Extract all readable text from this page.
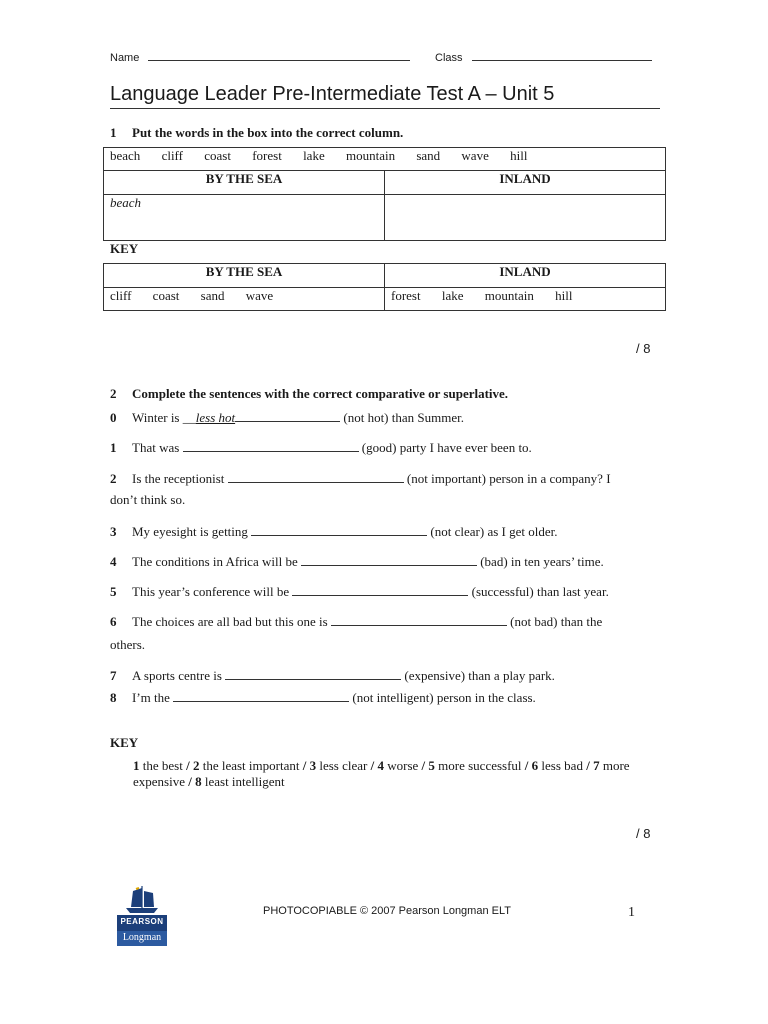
Name	Class
Language Leader Pre-Intermediate Test A – Unit 5
1 Put the words in the box into the correct column.
beach cliff coast forest lake mountain sand wave hill	
BY THE SEA	INLAND
beach	
KEY
BY THE SEA	INLAND
cliff coast sand wave	forest lake mountain hill
/ 8
2 Complete the sentences with the correct comparative or superlative.
0 Winter is __less hot	(not hot) than Summer.
1 That was	(good) party I have ever been to.
2 Is the receptionist	(not important) person in a company? I
don’t think so.
3 My eyesight is getting	(not clear) as I get older.
4 The conditions in Africa will be	(bad) in ten years’ time.
5 This year’s conference will be	(successful) than last year.
6 The choices are all bad but this one is	(not bad) than the
others.
7 A sports centre is	(expensive) than a play park.
8 I’m the	(not intelligent) person in the class.
KEY
1 the best / 2 the least important / 3 less clear / 4 worse / 5 more successful / 6 less bad / 7 more expensive / 8 least intelligent
/ 8
PEARSON
Longman
PHOTOCOPIABLE © 2007 Pearson Longman ELT	1
